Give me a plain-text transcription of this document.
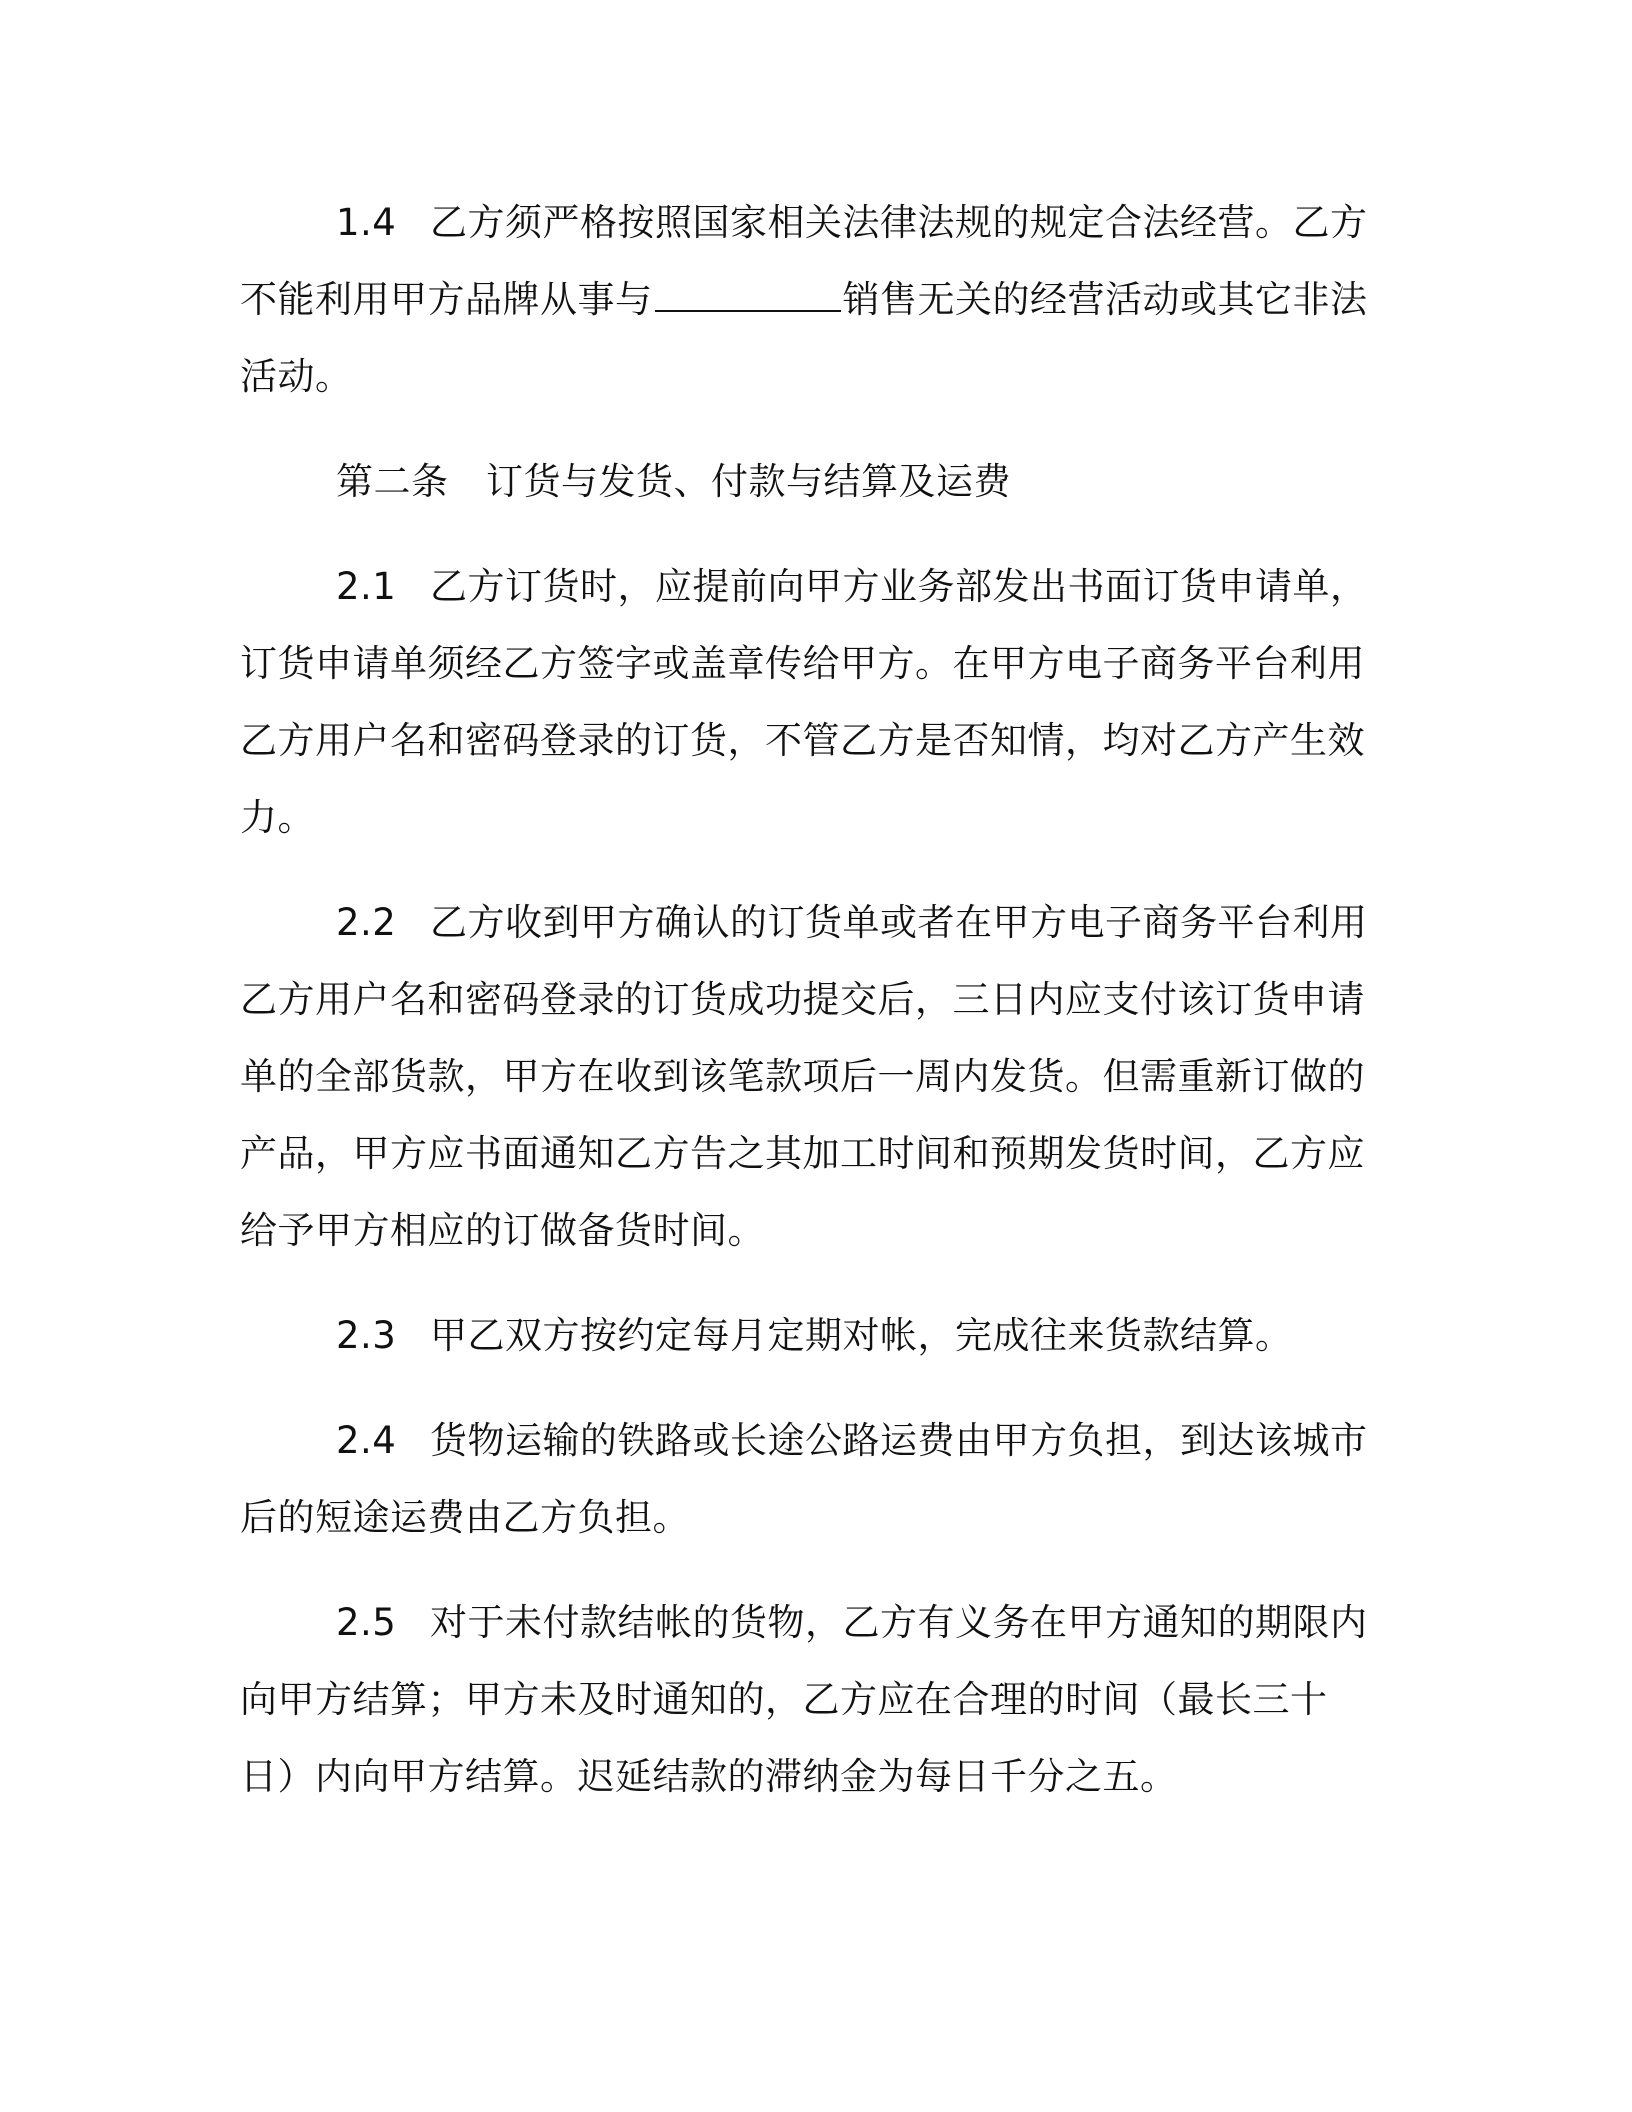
1.4 乙方须严格按照国家相关法律法规的规定合法经营。乙方不能利用甲方品牌从事与	销售无关的经营活动或其它非法活动。

第二条 订货与发货、付款与结算及运费

2.1 乙方订货时，应提前向甲方业务部发出书面订货申请单，订货申请单须经乙方签字或盖章传给甲方。在甲方电子商务平台利用乙方用户名和密码登录的订货，不管乙方是否知情，均对乙方产生效力。

2.2 乙方收到甲方确认的订货单或者在甲方电子商务平台利用乙方用户名和密码登录的订货成功提交后，三日内应支付该订货申请单的全部货款，甲方在收到该笔款项后一周内发货。但需重新订做的产品，甲方应书面通知乙方告之其加工时间和预期发货时间，乙方应给予甲方相应的订做备货时间。

2.3 甲乙双方按约定每月定期对帐，完成往来货款结算。

2.4 货物运输的铁路或长途公路运费由甲方负担，到达该城市后的短途运费由乙方负担。

2.5 对于未付款结帐的货物，乙方有义务在甲方通知的期限内向甲方结算；甲方未及时通知的，乙方应在合理的时间（最长三十日）内向甲方结算。迟延结款的滞纳金为每日千分之五。
